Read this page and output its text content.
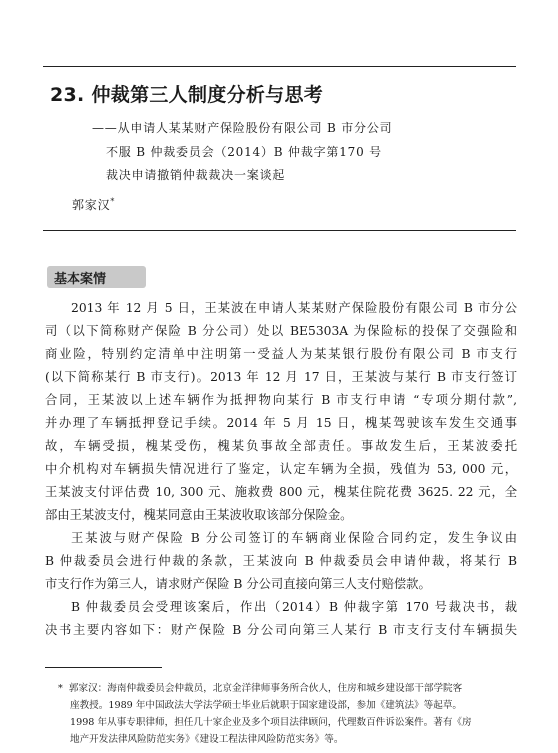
23. 仲裁第三人制度分析与思考
——从申请人某某财产保险股份有限公司 B 市分公司
不服 B 仲裁委员会（2014）B 仲裁字第170 号
裁决申请撤销仲裁裁决一案谈起
郭家汉*
基本案情
2013 年 12 月 5 日，王某波在申请人某某财产保险股份有限公司 B 市分公
司（以下简称财产保险 B 分公司）处以 BE5303A 为保险标的投保了交强险和
商业险，特别约定清单中注明第一受益人为某某银行股份有限公司 B 市支行
(以下简称某行 B 市支行)。2013 年 12 月 17 日，王某波与某行 B 市支行签订
合同，王某波以上述车辆作为抵押物向某行 B 市支行申请 “专项分期付款”,
并办理了车辆抵押登记手续。2014 年 5 月 15 日，槐某驾驶该车发生交通事
故，车辆受损，槐某受伤，槐某负事故全部责任。事故发生后，王某波委托
中介机构对车辆损失情况进行了鉴定，认定车辆为全损，残值为 53, 000 元，
王某波支付评估费 10, 300 元、施救费 800 元，槐某住院花费 3625. 22 元，全
部由王某波支付，槐某同意由王某波收取该部分保险金。
王某波与财产保险 B 分公司签订的车辆商业保险合同约定，发生争议由
B 仲裁委员会进行仲裁的条款，王某波向 B 仲裁委员会申请仲裁，将某行 B
市支行作为第三人，请求财产保险 B 分公司直接向第三人支付赔偿款。
B 仲裁委员会受理该案后，作出（2014）B 仲裁字第 170 号裁决书，裁
决书主要内容如下：财产保险 B 分公司向第三人某行 B 市支行支付车辆损失
* 郭家汉：海南仲裁委员会仲裁员，北京金洋律师事务所合伙人，住房和城乡建设部干部学院客
座教授。1989 年中国政法大学法学硕士毕业后就职于国家建设部，参加《建筑法》等起草。
1998 年从事专职律师，担任几十家企业及多个项目法律顾问，代理数百件诉讼案件。著有《房
地产开发法律风险防范实务》《建设工程法律风险防范实务》等。
